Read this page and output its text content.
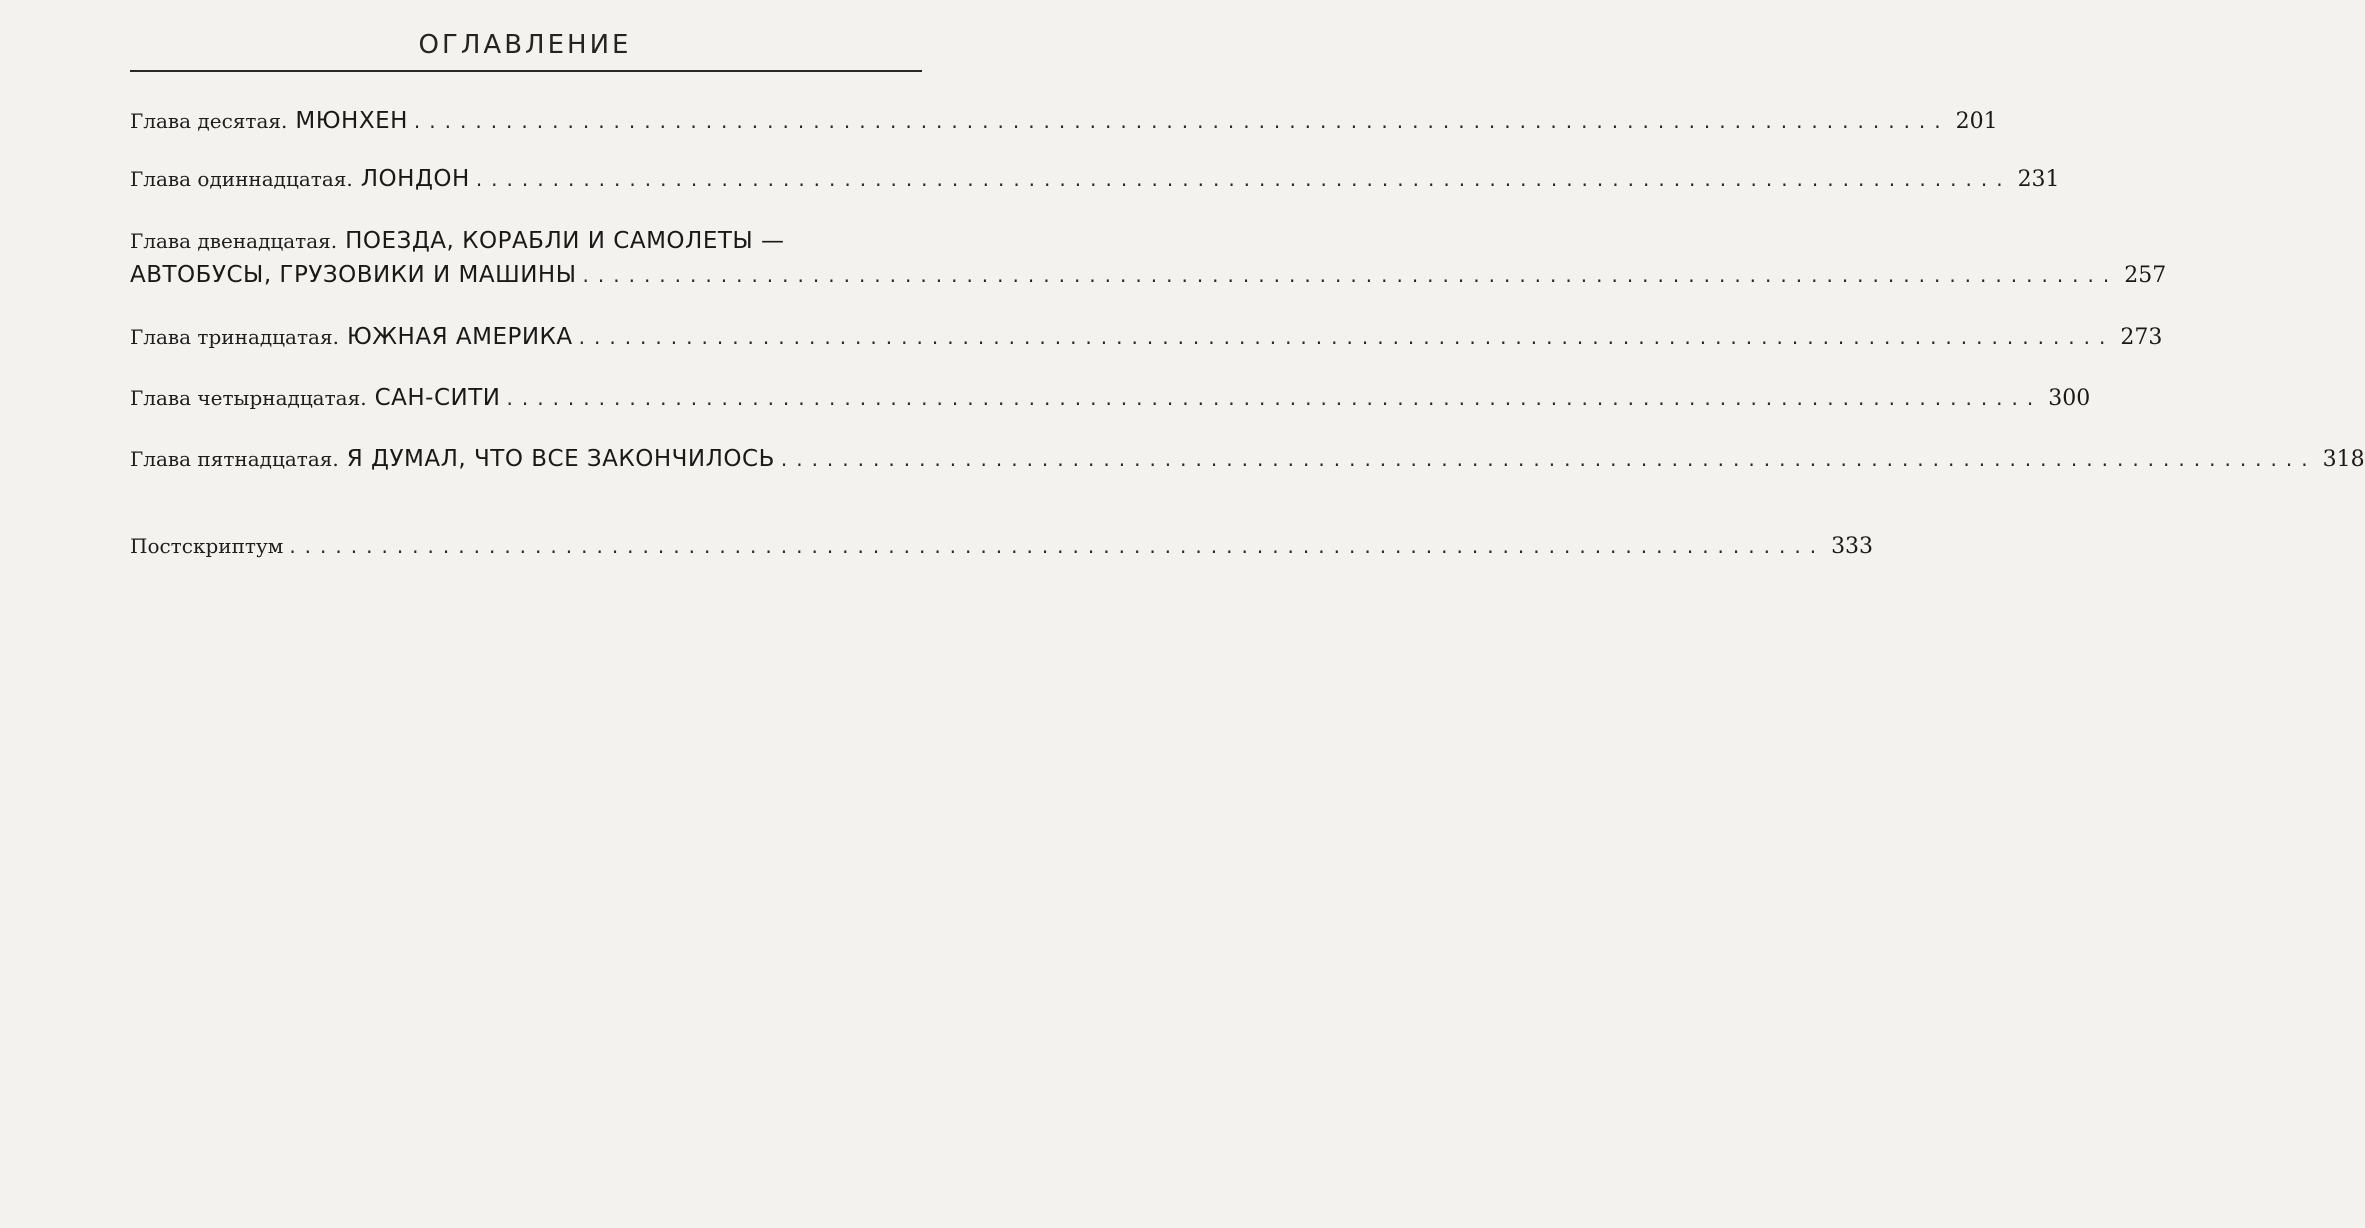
ОГЛАВЛЕНИЕ
Глава десятая. МЮНХЕН .................................................................................................... 201
Глава одиннадцатая. ЛОНДОН .................................................................................................... 231
Глава двенадцатая. ПОЕЗДА, КОРАБЛИ И САМОЛЕТЫ —
АВТОБУСЫ, ГРУЗОВИКИ И МАШИНЫ .................................................................................................... 257
Глава тринадцатая. ЮЖНАЯ АМЕРИКА .................................................................................................... 273
Глава четырнадцатая. САН-СИТИ .................................................................................................... 300
Глава пятнадцатая. Я ДУМАЛ, ЧТО ВСЕ ЗАКОНЧИЛОСЬ .................................................................................................... 318
Постскриптум .................................................................................................... 333
